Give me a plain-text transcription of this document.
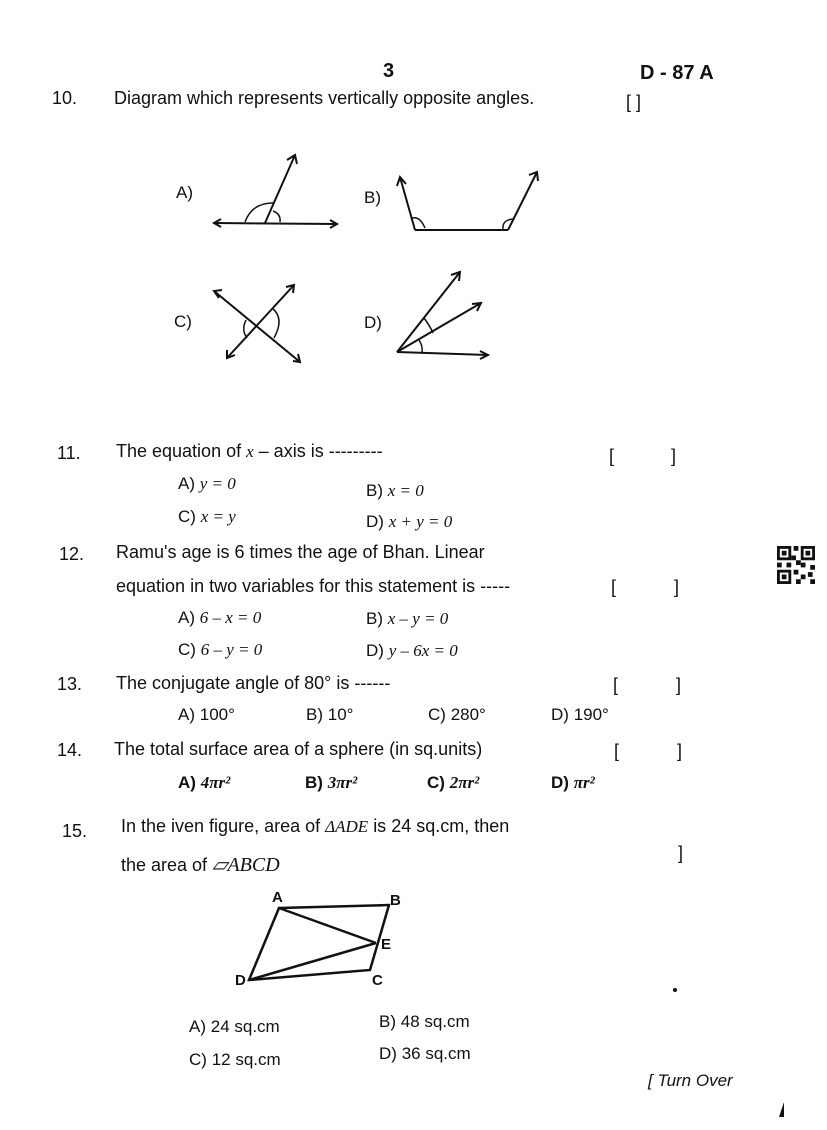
3	D - 87 A
10. Diagram which represents vertically opposite angles.	[ ]
A)	B)
C)	D)
11. The equation of x – axis is ---------	[	]
A) y = 0	B) x = 0
C) x = y	D) x + y = 0
12. Ramu's age is 6 times the age of Bhan. Linear
equation in two variables for this statement is -----	[	]
A) 6 – x = 0	B) x – y = 0
C) 6 – y = 0	D) y – 6x = 0
13. The conjugate angle of 80° is ------	[	]
A) 100°	B) 10°	C) 280°	D) 190°
14. The total surface area of a sphere (in sq.units)	[	]
A) 4πr²	B) 3πr²	C) 2πr²	D) πr²
15. In the iven figure, area of ΔADE is 24 sq.cm, then
the area of ▱ABCD
]
A	B
C
D
E
A) 24 sq.cm	B) 48 sq.cm
C) 12 sq.cm	D) 36 sq.cm
[ Turn Over
